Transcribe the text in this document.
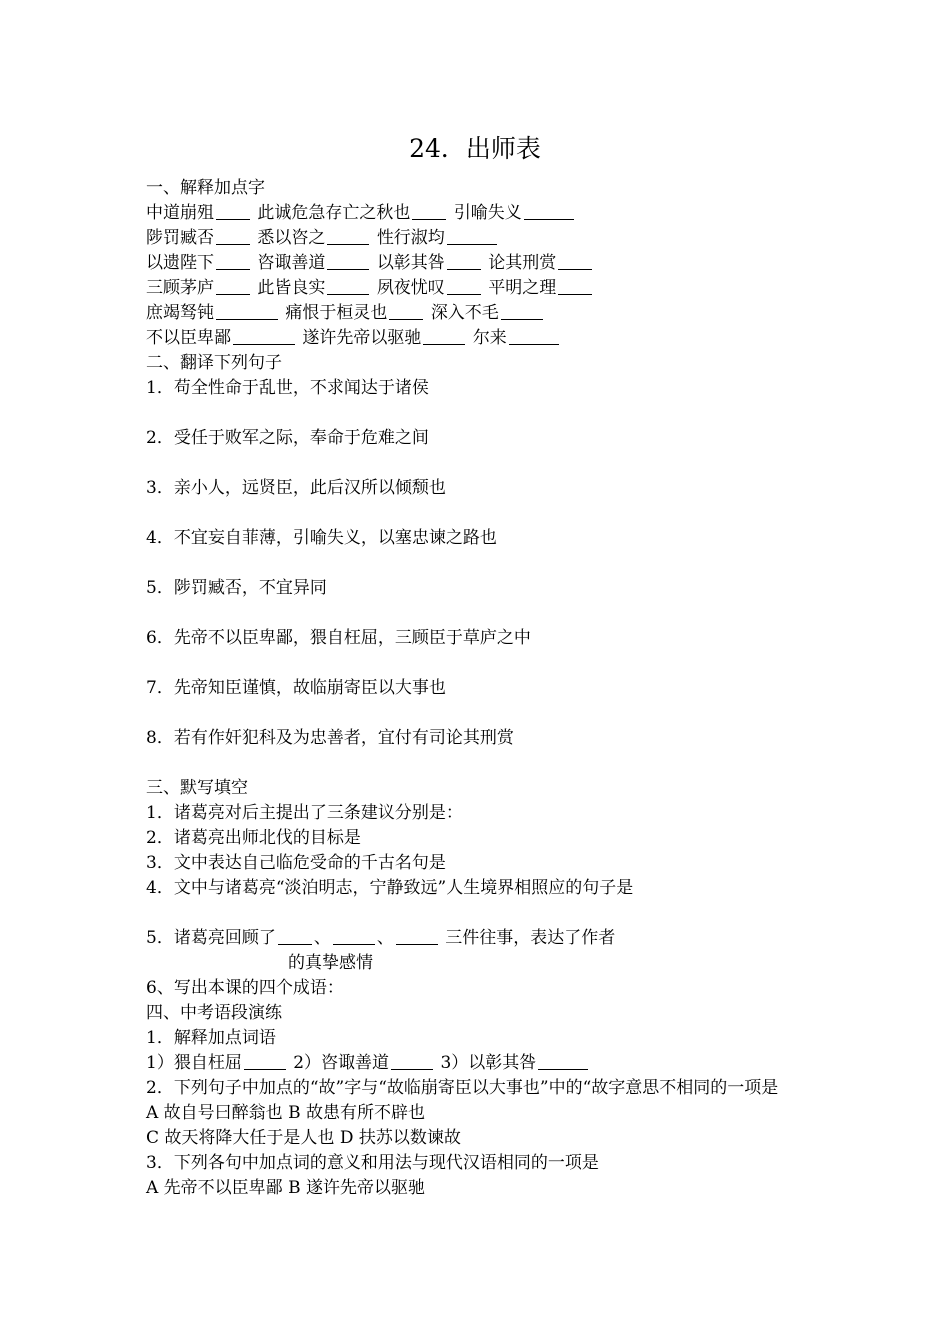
24．出师表
一、解释加点字
中道崩殂	此诚危急存亡之秋也	引喻失义
陟罚臧否	悉以咨之	性行淑均
以遗陛下	咨诹善道	以彰其咎	论其刑赏
三顾茅庐	此皆良实	夙夜忧叹	平明之理
庶竭驽钝	痛恨于桓灵也	深入不毛
不以臣卑鄙	遂许先帝以驱驰	尔来
二、翻译下列句子
1．苟全性命于乱世，不求闻达于诸侯
2．受任于败军之际，奉命于危难之间
3．亲小人，远贤臣，此后汉所以倾颓也
4．不宜妄自菲薄，引喻失义，以塞忠谏之路也
5．陟罚臧否，不宜异同
6．先帝不以臣卑鄙，猥自枉屈，三顾臣于草庐之中
7．先帝知臣谨慎，故临崩寄臣以大事也
8．若有作奸犯科及为忠善者，宜付有司论其刑赏
三、默写填空
1．诸葛亮对后主提出了三条建议分别是：
2．诸葛亮出师北伐的目标是
3．文中表达自己临危受命的千古名句是
4．文中与诸葛亮“淡泊明志，宁静致远”人生境界相照应的句子是
5．诸葛亮回顾了 、	、	三件往事，表达了作者
的真挚感情
6、写出本课的四个成语：
四、中考语段演练
1．解释加点词语
1）猥自枉屈	2）咨诹善道	3）以彰其咎
2．下列句子中加点的“故”字与“故临崩寄臣以大事也”中的“故字意思不相同的一项是
A 故自号曰醉翁也 B 故患有所不辟也
C 故天将降大任于是人也 D 扶苏以数谏故
3．下列各句中加点词的意义和用法与现代汉语相同的一项是
A 先帝不以臣卑鄙 B 遂许先帝以驱驰
